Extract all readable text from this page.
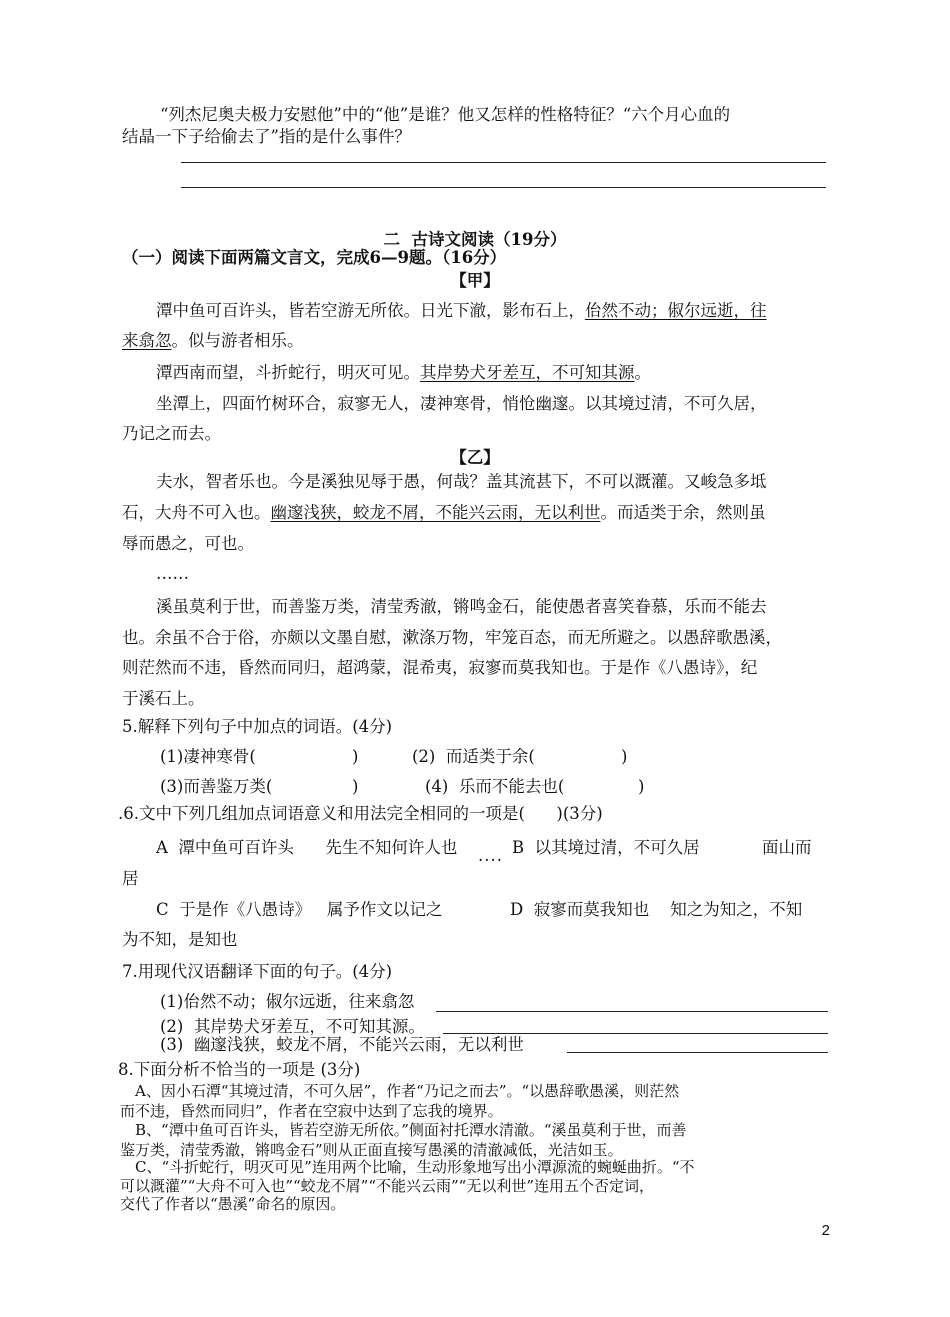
“列杰尼奥夫极力安慰他”中的“他”是谁？他又怎样的性格特征？“六个月心血的
结晶一下子给偷去了”指的是什么事件？
二  古诗文阅读（19分）
（一）阅读下面两篇文言文，完成6—9题。（16分）
【甲】
潭中鱼可百许头，皆若空游无所依。日光下澈，影布石上，佁然不动；俶尔远逝，往
来翕忽。似与游者相乐。
潭西南而望，斗折蛇行，明灭可见。其岸势犬牙差互，不可知其源。
坐潭上，四面竹树环合，寂寥无人，凄神寒骨，悄怆幽邃。以其境过清，不可久居，
乃记之而去。
【乙】
夫水，智者乐也。今是溪独见辱于愚，何哉？盖其流甚下，不可以溉灌。又峻急多坻
石，大舟不可入也。幽邃浅狭，蛟龙不屑，不能兴云雨，无以利世。而适类于余，然则虽
辱而愚之，可也。
……
溪虽莫利于世，而善鉴万类，清莹秀澈，锵鸣金石，能使愚者喜笑眷慕，乐而不能去
也。余虽不合于俗，亦颇以文墨自慰，漱涤万物，牢笼百态，而无所避之。以愚辞歌愚溪，
则茫然而不违，昏然而同归，超鸿蒙，混希夷，寂寥而莫我知也。于是作《八愚诗》，纪
于溪石上。
5.解释下列句子中加点的词语。(4分)
(1)凄神寒骨(	)	(2)  而适类于余(	)
(3)而善鉴万类(	)	(4)  乐而不能去也(	)
.6.文中下列几组加点词语意义和用法完全相同的一项是(      )(3分)
A  潭中鱼可百许头      先生不知何许人也 .... B  以其境过清，不可久居	面山而
居
C  于是作《八愚诗》   属予作文以记之	D  寂寥而莫我知也    知之为知之，不知
为不知，是知也
7.用现代汉语翻译下面的句子。(4分)
(1)佁然不动；俶尔远逝，往来翕忽
(2)  其岸势犬牙差互，不可知其源。
(3)  幽邃浅狭，蛟龙不屑，不能兴云雨，无以利世
8.下面分析不恰当的一项是 (3分)
A、因小石潭“其境过清，不可久居”，作者“乃记之而去”。“以愚辞歌愚溪，则茫然
而不违，昏然而同归”，作者在空寂中达到了忘我的境界。
B、“潭中鱼可百许头，皆若空游无所依。”侧面衬托潭水清澈。“溪虽莫利于世，而善
鉴万类，清莹秀澈，锵鸣金石”则从正面直接写愚溪的清澈减低，光洁如玉。
C、“斗折蛇行，明灭可见”连用两个比喻，生动形象地写出小潭源流的蜿蜒曲折。“不
可以溉灌”“大舟不可入也”“蛟龙不屑”“不能兴云雨”“无以利世”连用五个否定词，
交代了作者以“愚溪”命名的原因。
2
